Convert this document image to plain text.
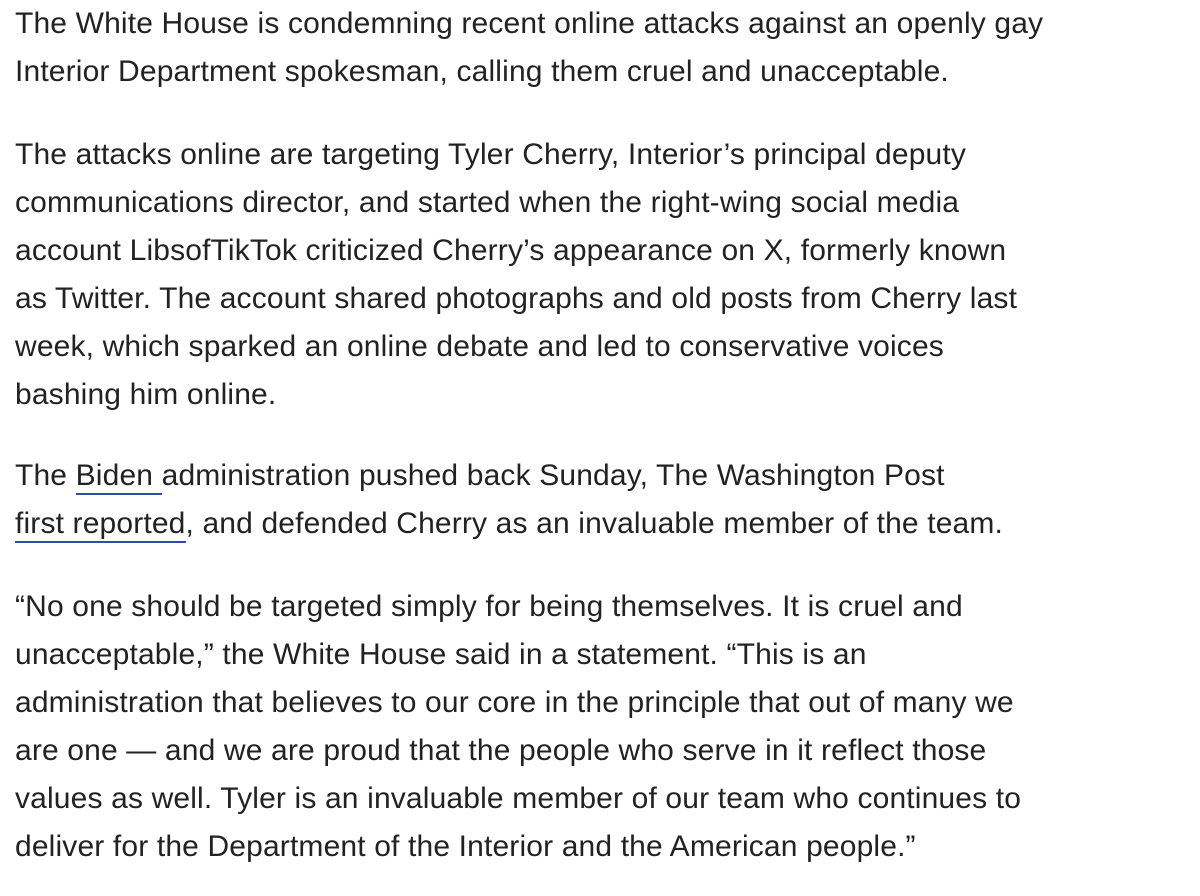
The White House is condemning recent online attacks against an openly gay
Interior Department spokesman, calling them cruel and unacceptable.

The attacks online are targeting Tyler Cherry, Interior’s principal deputy
communications director, and started when the right-wing social media
account LibsofTikTok criticized Cherry’s appearance on X, formerly known
as Twitter. The account shared photographs and old posts from Cherry last
week, which sparked an online debate and led to conservative voices
bashing him online.

The Biden administration pushed back Sunday, The Washington Post
first reported, and defended Cherry as an invaluable member of the team.

“No one should be targeted simply for being themselves. It is cruel and
unacceptable,” the White House said in a statement. “This is an
administration that believes to our core in the principle that out of many we
are one — and we are proud that the people who serve in it reflect those
values as well. Tyler is an invaluable member of our team who continues to
deliver for the Department of the Interior and the American people.”
